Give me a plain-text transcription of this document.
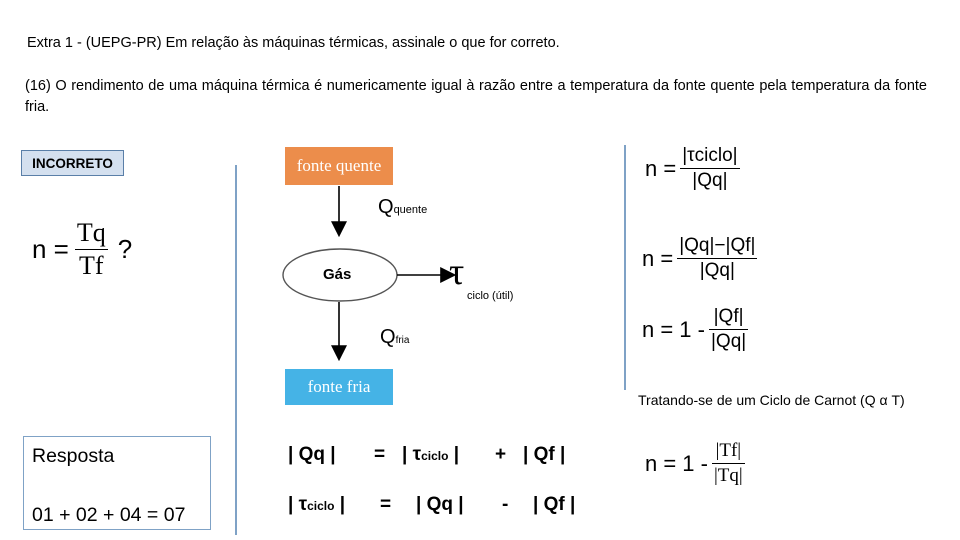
Extra 1 - (UEPG-PR) Em relação às máquinas térmicas, assinale o que for correto.
(16) O rendimento de uma máquina térmica é numericamente igual à razão entre a temperatura da fonte quente pela temperatura da fonte fria.
INCORRETO
$n = \frac{Tq}{Tf}$ ?
fonte quente
fonte fria
Gás
Qquente
Qfria
τ
ciclo (útil)
$n = \frac{\text{|τciclo|}}{|Qq|}$
$n = \frac{|Qq|-|Qf|}{|Qq|}$
$n = 1 - \frac{|Qf|}{|Qq|}$
Tratando-se de um Ciclo de Carnot (Q α T)
$n = 1 - \frac{|Tf|}{|Tq|}$
Resposta
01 + 02 + 04 = 07
| Qq |	= | τciclo |	+ | Qf |
| τciclo |	=	| Qq |	-	| Qf |
